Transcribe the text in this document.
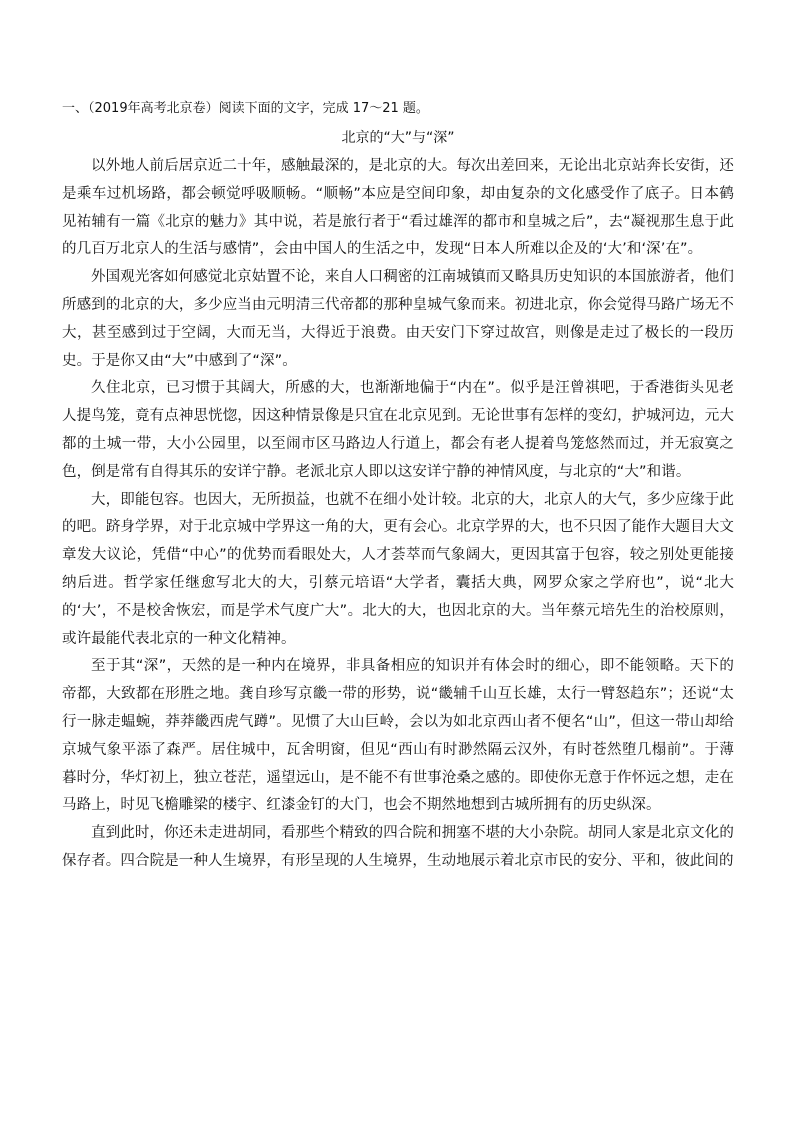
一、（2019年高考北京卷）阅读下面的文字，完成 17～21 题。
北京的“大”与“深”

以外地人前后居京近二十年，感触最深的，是北京的大。每次出差回来，无论出北京站奔长安街，还是乘车过机场路，都会顿觉呼吸顺畅。“顺畅”本应是空间印象，却由复杂的文化感受作了底子。日本鹤见祐辅有一篇《北京的魅力》其中说，若是旅行者于“看过雄浑的都市和皇城之后”，去“凝视那生息于此的几百万北京人的生活与感情”，会由中国人的生活之中，发现“日本人所难以企及的‘大’和‘深’在”。

外国观光客如何感觉北京姑置不论，来自人口稠密的江南城镇而又略具历史知识的本国旅游者，他们所感到的北京的大，多少应当由元明清三代帝都的那种皇城气象而来。初进北京，你会觉得马路广场无不大，甚至感到过于空阔，大而无当，大得近于浪费。由天安门下穿过故宫，则像是走过了极长的一段历史。于是你又由“大”中感到了“深”。

久住北京，已习惯于其阔大，所感的大，也渐渐地偏于“内在”。似乎是汪曾祺吧，于香港街头见老人提鸟笼，竟有点神思恍惚，因这种情景像是只宜在北京见到。无论世事有怎样的变幻，护城河边，元大都的土城一带，大小公园里，以至闹市区马路边人行道上，都会有老人提着鸟笼悠然而过，并无寂寞之色，倒是常有自得其乐的安详宁静。老派北京人即以这安详宁静的神情风度，与北京的“大”和谐。

大，即能包容。也因大，无所损益，也就不在细小处计较。北京的大，北京人的大气，多少应缘于此的吧。跻身学界，对于北京城中学界这一角的大，更有会心。北京学界的大，也不只因了能作大题目大文章发大议论，凭借“中心”的优势而看眼处大，人才荟萃而气象阔大，更因其富于包容，较之别处更能接纳后进。哲学家任继愈写北大的大，引蔡元培语“大学者，囊括大典，网罗众家之学府也”，说“北大的‘大’，不是校舍恢宏，而是学术气度广大”。北大的大，也因北京的大。当年蔡元培先生的治校原则，或许最能代表北京的一种文化精神。

至于其“深”，天然的是一种内在境界，非具备相应的知识并有体会时的细心，即不能领略。天下的帝都，大致都在形胜之地。龚自珍写京畿一带的形势，说“畿辅千山互长雄，太行一臂怒趋东”；还说“太行一脉走蝹蜿，莽莽畿西虎气蹲”。见惯了大山巨岭，会以为如北京西山者不便名“山”，但这一带山却给京城气象平添了森严。居住城中，瓦舍明窗，但见“西山有时渺然隔云汉外，有时苍然堕几榻前”。于薄暮时分，华灯初上，独立苍茫，遥望远山，是不能不有世事沧桑之感的。即使你无意于作怀远之想，走在马路上，时见飞檐雕梁的楼宇、红漆金钉的大门，也会不期然地想到古城所拥有的历史纵深。

直到此时，你还未走进胡同，看那些个精致的四合院和拥塞不堪的大小杂院。胡同人家是北京文化的保存者。四合院是一种人生境界，有形呈现的人生境界，生动地展示着北京市民的安分、平和，彼此间的
